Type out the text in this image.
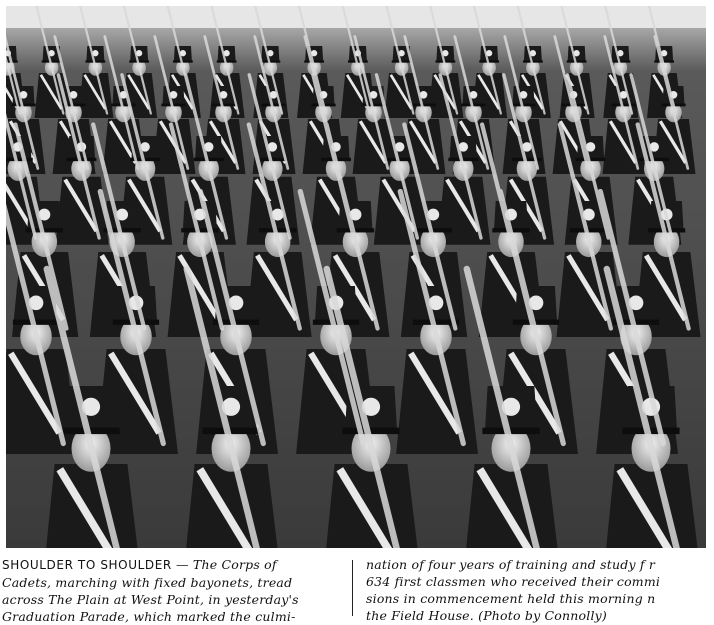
SHOULDER TO SHOULDER — The Corps of
Cadets, marching with fixed bayonets, tread
across The Plain at West Point, in yesterday's
Graduation Parade, which marked the culmi-
nation of four years of training and study f r
634 first classmen who received their commi
sions in commencement held this morning n
the Field House. (Photo by Connolly)
